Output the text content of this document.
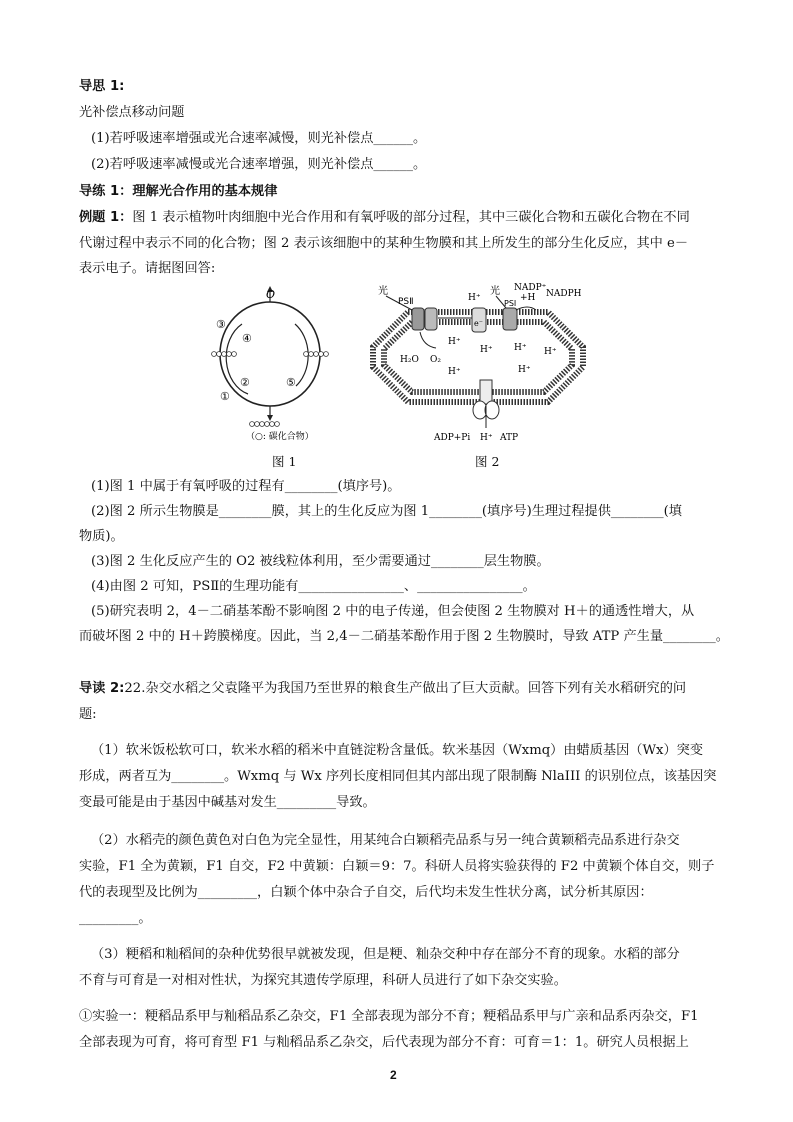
导思 1:
光补偿点移动问题
(1)若呼吸速率增强或光合速率减慢，则光补偿点______。
(2)若呼吸速率减慢或光合速率增强，则光补偿点______。
导练 1：理解光合作用的基本规律
例题 1：图 1 表示植物叶肉细胞中光合作用和有氧呼吸的部分过程，其中三碳化合物和五碳化合物在不同
代谢过程中表示不同的化合物；图 2 表示该细胞中的某种生物膜和其上所发生的部分生化反应，其中 e－
表示电子。请据图回答:
O
③
④
②	⑤
①
（○: 碳化合物）
图 1
光
PSⅡ	H⁺
光
PSI
NADP⁺
+H NADPH
e⁻
H₂O O₂
H⁺
H⁺ H⁺ H⁺
H⁺	H⁺
ADP+Pi H⁺ ATP
图 2
(1)图 1 中属于有氧呼吸的过程有________(填序号)。
(2)图 2 所示生物膜是________膜，其上的生化反应为图 1________(填序号)生理过程提供________(填
物质)。
(3)图 2 生化反应产生的 O2 被线粒体利用，至少需要通过________层生物膜。
(4)由图 2 可知，PSⅡ的生理功能有________________、________________。
(5)研究表明 2，4－二硝基苯酚不影响图 2 中的电子传递，但会使图 2 生物膜对 H＋的通透性增大，从
而破坏图 2 中的 H＋跨膜梯度。因此，当 2,4－二硝基苯酚作用于图 2 生物膜时，导致 ATP 产生量________。
导读 2:22.杂交水稻之父袁隆平为我国乃至世界的粮食生产做出了巨大贡献。回答下列有关水稻研究的问
题:
（1）软米饭松软可口，软米水稻的稻米中直链淀粉含量低。软米基因（Wxmq）由蜡质基因（Wx）突变
形成，两者互为________。Wxmq 与 Wx 序列长度相同但其内部出现了限制酶 NlaIII 的识别位点，该基因突
变最可能是由于基因中碱基对发生_________导致。
（2）水稻壳的颜色黄色对白色为完全显性，用某纯合白颖稻壳品系与另一纯合黄颖稻壳品系进行杂交
实验，F1 全为黄颖，F1 自交，F2 中黄颖：白颖＝9：7。科研人员将实验获得的 F2 中黄颖个体自交，则子
代的表现型及比例为_________，白颖个体中杂合子自交，后代均未发生性状分离，试分析其原因：
_________。
（3）粳稻和籼稻间的杂种优势很早就被发现，但是粳、籼杂交种中存在部分不育的现象。水稻的部分
不育与可育是一对相对性状，为探究其遗传学原理，科研人员进行了如下杂交实验。
①实验一：粳稻品系甲与籼稻品系乙杂交，F1 全部表现为部分不育；粳稻品系甲与广亲和品系丙杂交，F1
全部表现为可育，将可育型 F1 与籼稻品系乙杂交，后代表现为部分不育：可育＝1：1。研究人员根据上
2
